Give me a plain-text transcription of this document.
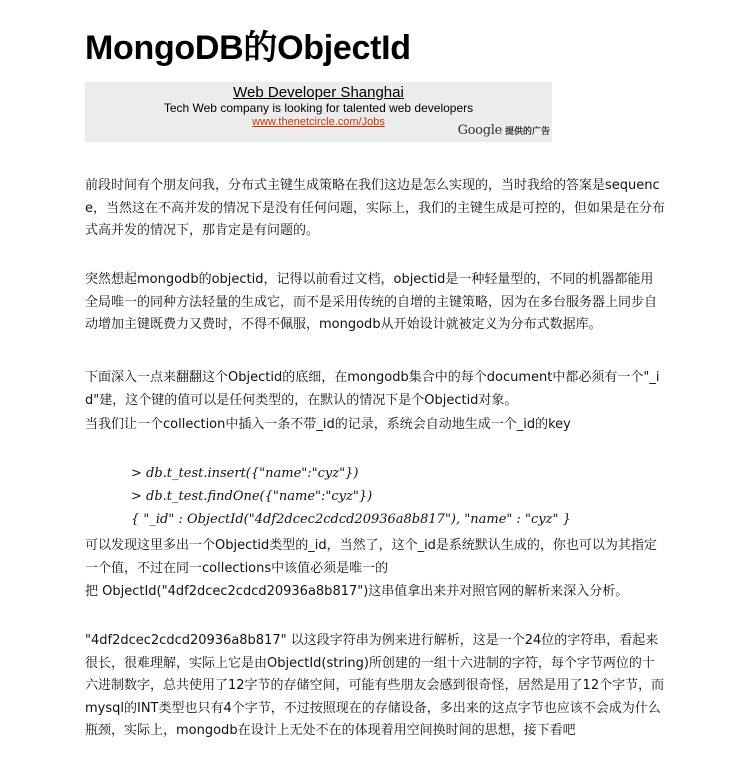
MongoDB的ObjectId
Web Developer Shanghai
Tech Web company is looking for talented web developers
www.thenetcircle.com/Jobs
Google 提供的广告

前段时间有个朋友问我，分布式主键生成策略在我们这边是怎么实现的，当时我给的答案是sequence，当然这在不高并发的情况下是没有任何问题，实际上，我们的主键生成是可控的，但如果是在分布式高并发的情况下，那肯定是有问题的。

突然想起mongodb的objectid，记得以前看过文档，objectid是一种轻量型的，不同的机器都能用全局唯一的同种方法轻量的生成它，而不是采用传统的自增的主键策略，因为在多台服务器上同步自动增加主键既费力又费时，不得不佩服，mongodb从开始设计就被定义为分布式数据库。

下面深入一点来翻翻这个Objectid的底细，在mongodb集合中的每个document中都必须有一个"_id"建，这个键的值可以是任何类型的，在默认的情况下是个Objectid对象。

当我们让一个collection中插入一条不带_id的记录，系统会自动地生成一个_id的key

> db.t_test.insert({"name":"cyz"})
> db.t_test.findOne({"name":"cyz"})
{ "_id" : ObjectId("4df2dcec2cdcd20936a8b817"), "name" : "cyz" }

可以发现这里多出一个Objectid类型的_id，当然了，这个_id是系统默认生成的，你也可以为其指定一个值，不过在同一collections中该值必须是唯一的

把 ObjectId("4df2dcec2cdcd20936a8b817")这串值拿出来并对照官网的解析来深入分析。

"4df2dcec2cdcd20936a8b817" 以这段字符串为例来进行解析，这是一个24位的字符串，看起来很长，很难理解，实际上它是由ObjectId(string)所创建的一组十六进制的字符，每个字节两位的十六进制数字，总共使用了12字节的存储空间，可能有些朋友会感到很奇怪，居然是用了12个字节，而mysql的INT类型也只有4个字节，不过按照现在的存储设备，多出来的这点字节也应该不会成为什么瓶颈，实际上，mongodb在设计上无处不在的体现着用空间换时间的思想，接下看吧
